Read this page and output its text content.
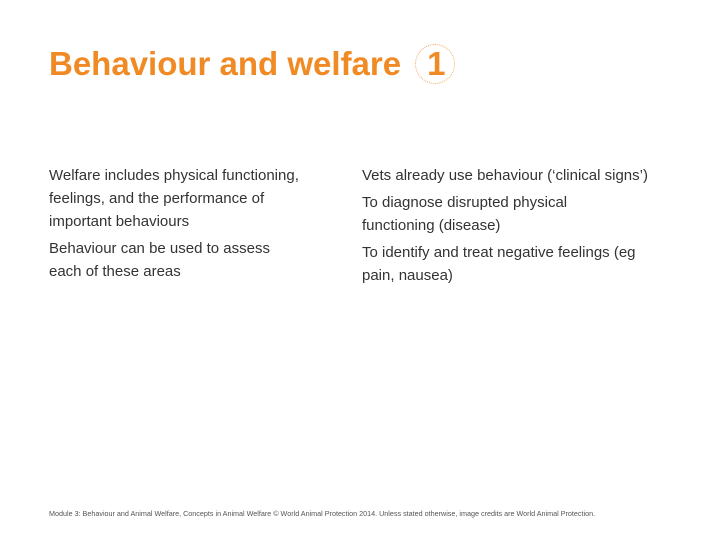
Behaviour and welfare 1

Welfare includes physical functioning, feelings, and the performance of important behaviours

Behaviour can be used to assess each of these areas

Vets already use behaviour (‘clinical signs’)

To diagnose disrupted physical functioning (disease)

To identify and treat negative feelings (eg pain, nausea)

Module 3: Behaviour and Animal Welfare, Concepts in Animal Welfare © World Animal Protection 2014. Unless stated otherwise, image credits are World Animal Protection.
